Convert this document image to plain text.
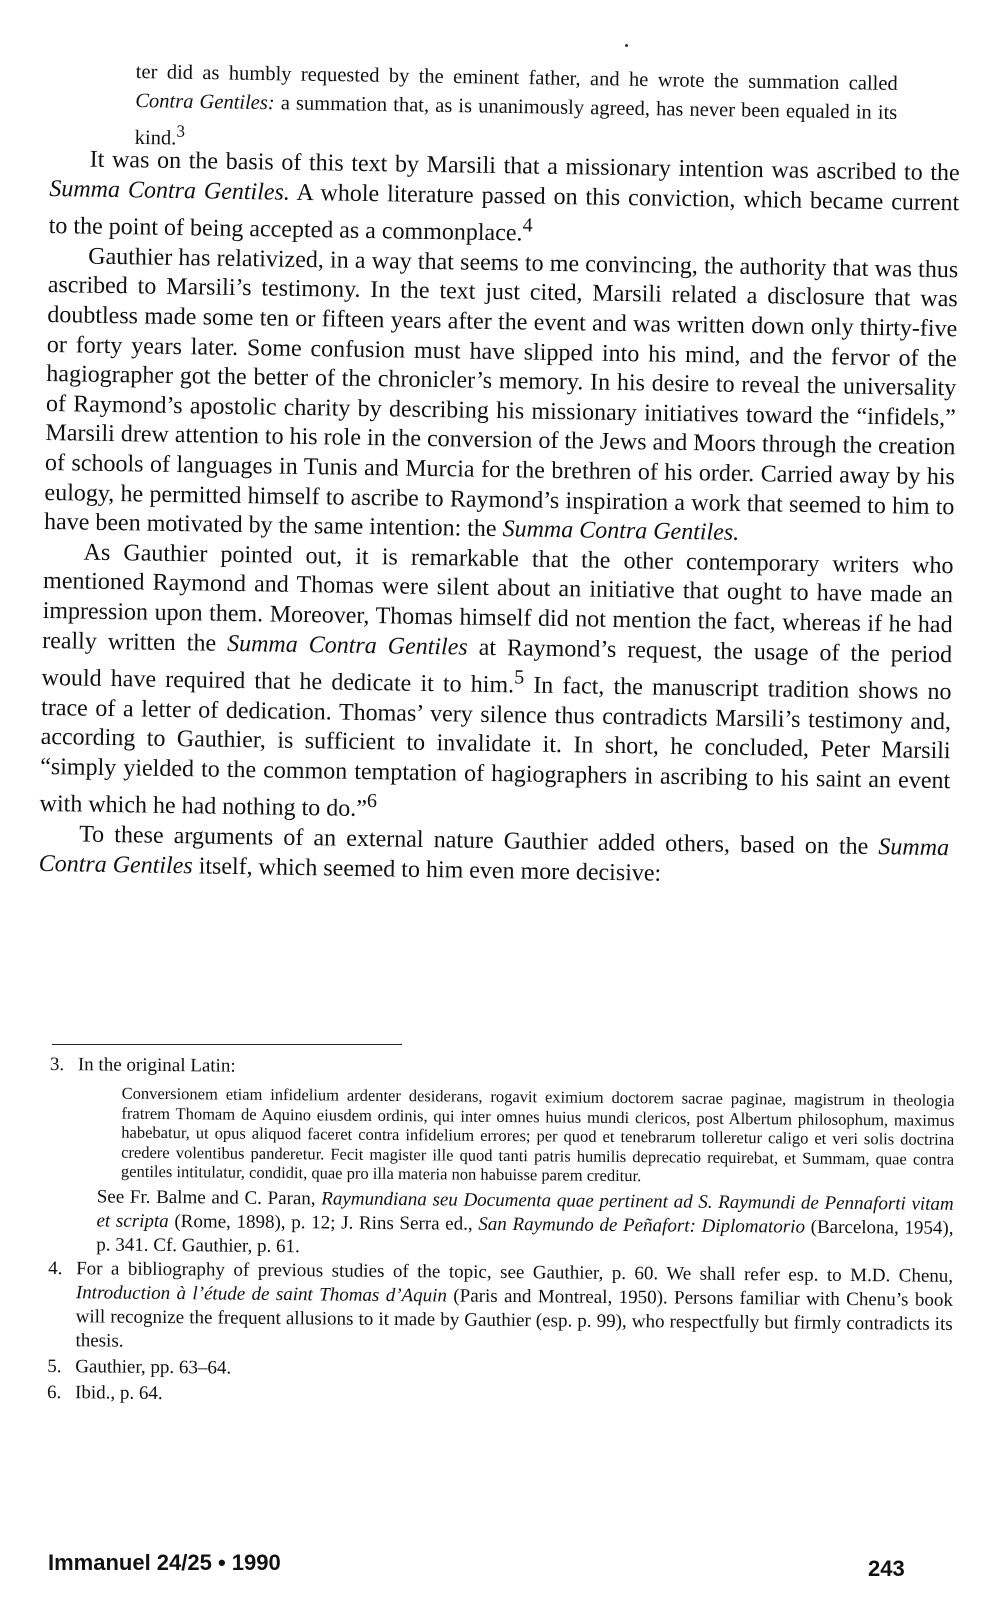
ter did as humbly requested by the eminent father, and he wrote the summation called Contra Gentiles: a summation that, as is unanimously agreed, has never been equaled in its kind.$^3$

It was on the basis of this text by Marsili that a missionary intention was ascribed to the Summa Contra Gentiles. A whole literature passed on this conviction, which became current to the point of being accepted as a commonplace.$^4$

Gauthier has relativized, in a way that seems to me convincing, the authority that was thus ascribed to Marsili’s testimony. In the text just cited, Marsili related a disclosure that was doubtless made some ten or fifteen years after the event and was written down only thirty-five or forty years later. Some confusion must have slipped into his mind, and the fervor of the hagiographer got the better of the chronicler’s memory. In his desire to reveal the universality of Raymond’s apostolic charity by describing his missionary initiatives toward the “infidels,” Marsili drew attention to his role in the conversion of the Jews and Moors through the creation of schools of languages in Tunis and Murcia for the brethren of his order. Carried away by his eulogy, he permitted himself to ascribe to Raymond’s inspiration a work that seemed to him to have been motivated by the same intention: the Summa Contra Gentiles.

As Gauthier pointed out, it is remarkable that the other contemporary writers who mentioned Raymond and Thomas were silent about an initiative that ought to have made an impression upon them. Moreover, Thomas himself did not mention the fact, whereas if he had really written the Summa Contra Gentiles at Raymond’s request, the usage of the period would have required that he dedicate it to him.$^5$ In fact, the manuscript tradition shows no trace of a letter of dedication. Thomas’ very silence thus contradicts Marsili’s testimony and, according to Gauthier, is sufficient to invalidate it. In short, he concluded, Peter Marsili “simply yielded to the common temptation of hagiographers in ascribing to his saint an event with which he had nothing to do.”$^6$

To these arguments of an external nature Gauthier added others, based on the Summa Contra Gentiles itself, which seemed to him even more decisive:

3. In the original Latin:
Conversionem etiam infidelium ardenter desiderans, rogavit eximium doctorem sacrae paginae, magistrum in theologia fratrem Thomam de Aquino eiusdem ordinis, qui inter omnes huius mundi clericos, post Albertum philosophum, maximus habebatur, ut opus aliquod faceret contra infidelium errores; per quod et tenebrarum tolleretur caligo et veri solis doctrina credere volentibus panderetur. Fecit magister ille quod tanti patris humilis deprecatio requirebat, et Summam, quae contra gentiles intitulatur, condidit, quae pro illa materia non habuisse parem creditur.
See Fr. Balme and C. Paran, Raymundiana seu Documenta quae pertinent ad S. Raymundi de Pennaforti vitam et scripta (Rome, 1898), p. 12; J. Rins Serra ed., San Raymundo de Peñafort: Diplomatorio (Barcelona, 1954), p. 341. Cf. Gauthier, p. 61.
4. For a bibliography of previous studies of the topic, see Gauthier, p. 60. We shall refer esp. to M.D. Chenu, Introduction à l’étude de saint Thomas d’Aquin (Paris and Montreal, 1950). Persons familiar with Chenu’s book will recognize the frequent allusions to it made by Gauthier (esp. p. 99), who respectfully but firmly contradicts its thesis.
5. Gauthier, pp. 63–64.
6. Ibid., p. 64.
Immanuel 24/25 • 1990	243
